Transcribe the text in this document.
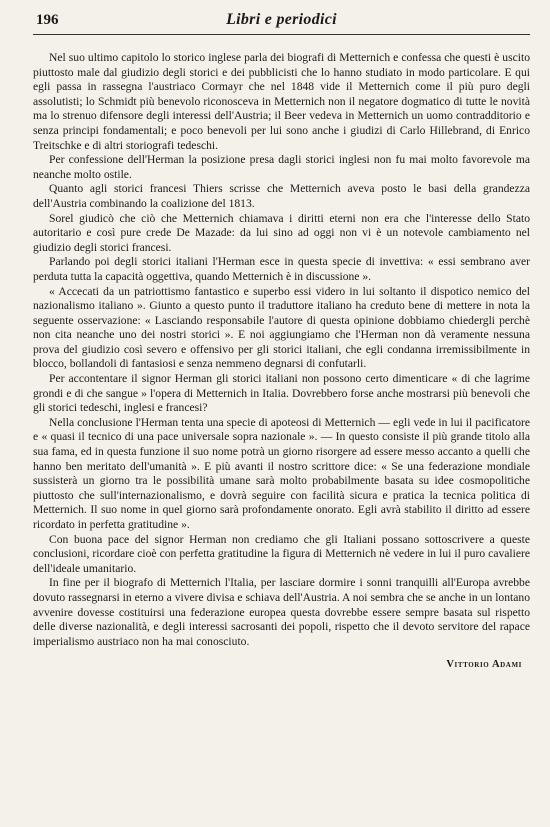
196	Libri e periodici

Nel suo ultimo capitolo lo storico inglese parla dei biografi di Metternich e confessa che questi è uscito piuttosto male dal giudizio degli storici e dei pubblicisti che lo hanno studiato in modo particolare. E qui egli passa in rassegna l'austriaco Cormayr che nel 1848 vide il Metternich come il più puro degli assolutisti; lo Schmidt più benevolo riconosceva in Metternich non il negatore dogmatico di tutte le novità ma lo strenuo difensore degli interessi dell'Austria; il Beer vedeva in Metternich un uomo contradditorio e senza principi fondamentali; e poco benevoli per lui sono anche i giudizi di Carlo Hillebrand, di Enrico Treitschke e di altri storiografi tedeschi.

Per confessione dell'Herman la posizione presa dagli storici inglesi non fu mai molto favorevole ma neanche molto ostile.

Quanto agli storici francesi Thiers scrisse che Metternich aveva posto le basi della grandezza dell'Austria combinando la coalizione del 1813.

Sorel giudicò che ciò che Metternich chiamava i diritti eterni non era che l'interesse dello Stato autoritario e così pure crede De Mazade: da lui sino ad oggi non vi è un notevole cambiamento nel giudizio degli storici francesi.

Parlando poi degli storici italiani l'Herman esce in questa specie di invettiva: « essi sembrano aver perduta tutta la capacità oggettiva, quando Metternich è in discussione ».

« Accecati da un patriottismo fantastico e superbo essi videro in lui soltanto il dispotico nemico del nazionalismo italiano ». Giunto a questo punto il traduttore italiano ha creduto bene di mettere in nota la seguente osservazione: « Lasciando responsabile l'autore di questa opinione dobbiamo chiedergli perchè non cita neanche uno dei nostri storici ». E noi aggiungiamo che l'Herman non dà veramente nessuna prova del giudizio così severo e offensivo per gli storici italiani, che egli condanna irremissibilmente in blocco, bollandoli di fantasiosi e senza nemmeno degnarsi di confutarli.

Per accontentare il signor Herman gli storici italiani non possono certo dimenticare « di che lagrime grondi e di che sangue » l'opera di Metternich in Italia. Dovrebbero forse anche mostrarsi più benevoli che gli storici tedeschi, inglesi e francesi?

Nella conclusione l'Herman tenta una specie di apoteosi di Metternich — egli vede in lui il pacificatore e « quasi il tecnico di una pace universale sopra nazionale ». — In questo consiste il più grande titolo alla sua fama, ed in questa funzione il suo nome potrà un giorno risorgere ad essere messo accanto a quelli che hanno ben meritato dell'umanità ». E più avanti il nostro scrittore dice: « Se una federazione mondiale sussisterà un giorno tra le possibilità umane sarà molto probabilmente basata su idee cosmopolitiche piuttosto che sull'internazionalismo, e dovrà seguire con facilità sicura e pratica la tecnica politica di Metternich. Il suo nome in quel giorno sarà profondamente onorato. Egli avrà stabilito il diritto ad essere ricordato in perfetta gratitudine ».

Con buona pace del signor Herman non crediamo che gli Italiani possano sottoscrivere a queste conclusioni, ricordare cioè con perfetta gratitudine la figura di Metternich nè vedere in lui il puro cavaliere dell'ideale umanitario.

In fine per il biografo di Metternich l'Italia, per lasciare dormire i sonni tranquilli all'Europa avrebbe dovuto rassegnarsi in eterno a vivere divisa e schiava dell'Austria. A noi sembra che se anche in un lontano avvenire dovesse costituirsi una federazione europea questa dovrebbe essere sempre basata sul rispetto delle diverse nazionalità, e degli interessi sacrosanti dei popoli, rispetto che il devoto servitore del rapace imperialismo austriaco non ha mai conosciuto.

Vittorio Adami
